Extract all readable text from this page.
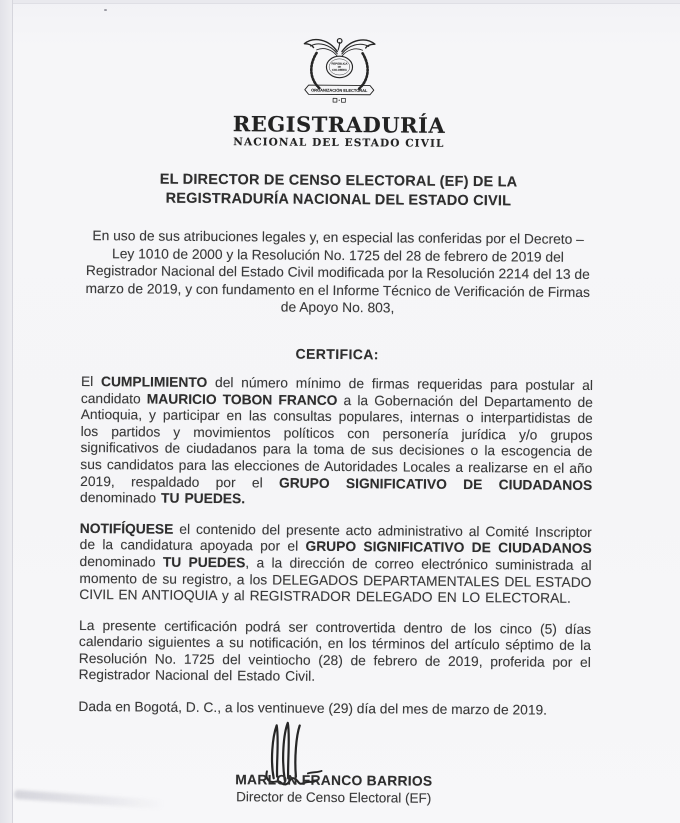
REPÚBLICA
DE
COLOMBIA
ORGANIZACIÓN ELECTORAL
REGISTRADURÍA
NACIONAL DEL ESTADO CIVIL
EL DIRECTOR DE CENSO ELECTORAL (EF) DE LA
REGISTRADURÍA NACIONAL DEL ESTADO CIVIL
En uso de sus atribuciones legales y, en especial las conferidas por el Decreto –
Ley 1010 de 2000 y la Resolución No. 1725 del 28 de febrero de 2019 del
Registrador Nacional del Estado Civil modificada por la Resolución 2214 del 13 de
marzo de 2019, y con fundamento en el Informe Técnico de Verificación de Firmas
de Apoyo No. 803,
CERTIFICA:
El CUMPLIMIENTO del número mínimo de firmas requeridas para postular al candidato MAURICIO TOBON FRANCO a la Gobernación del Departamento de Antioquia, y participar en las consultas populares, internas o interpartidistas de los partidos y movimientos políticos con personería jurídica y/o grupos significativos de ciudadanos para la toma de sus decisiones o la escogencia de sus candidatos para las elecciones de Autoridades Locales a realizarse en el año 2019, respaldado por el GRUPO SIGNIFICATIVO DE CIUDADANOS denominado TU PUEDES.
NOTIFÍQUESE el contenido del presente acto administrativo al Comité Inscriptor de la candidatura apoyada por el GRUPO SIGNIFICATIVO DE CIUDADANOS denominado TU PUEDES, a la dirección de correo electrónico suministrada al momento de su registro, a los DELEGADOS DEPARTAMENTALES DEL ESTADO CIVIL EN ANTIOQUIA y al REGISTRADOR DELEGADO EN LO ELECTORAL.
La presente certificación podrá ser controvertida dentro de los cinco (5) días calendario siguientes a su notificación, en los términos del artículo séptimo de la Resolución No. 1725 del veintiocho (28) de febrero de 2019, proferida por el Registrador Nacional del Estado Civil.
Dada en Bogotá, D. C., a los ventinueve (29) día del mes de marzo de 2019.
MARLON FRANCO BARRIOS
Director de Censo Electoral (EF)
